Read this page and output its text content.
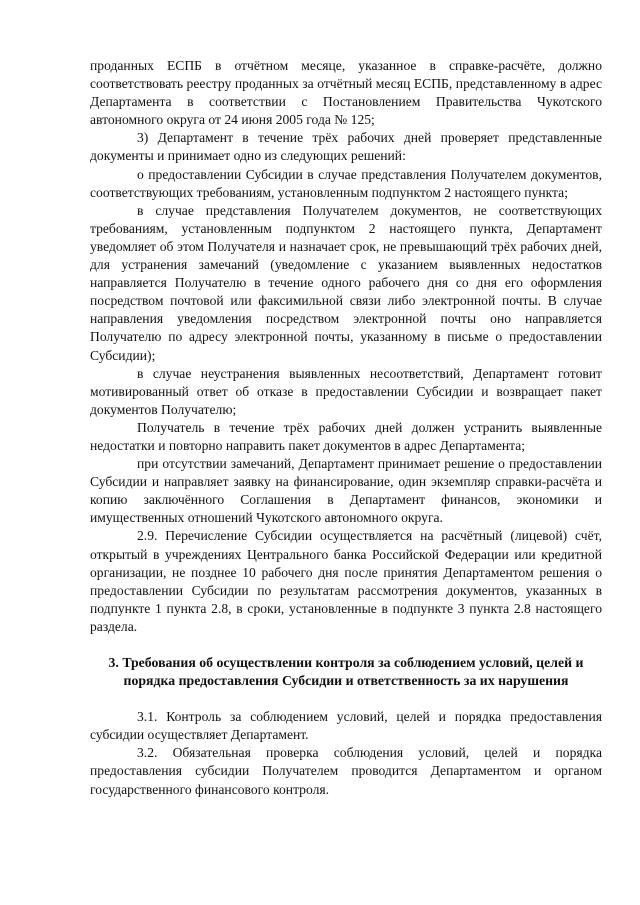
проданных ЕСПБ в отчётном месяце, указанное в справке-расчёте, должно соответствовать реестру проданных за отчётный месяц ЕСПБ, представленному в адрес Департамента в соответствии с Постановлением Правительства Чукотского автономного округа от 24 июня 2005 года № 125;

3) Департамент в течение трёх рабочих дней проверяет представленные документы и принимает одно из следующих решений:

о предоставлении Субсидии в случае представления Получателем документов, соответствующих требованиям, установленным подпунктом 2 настоящего пункта;

в случае представления Получателем документов, не соответствующих требованиям, установленным подпунктом 2 настоящего пункта, Департамент уведомляет об этом Получателя и назначает срок, не превышающий трёх рабочих дней, для устранения замечаний (уведомление с указанием выявленных недостатков направляется Получателю в течение одного рабочего дня со дня его оформления посредством почтовой или факсимильной связи либо электронной почты. В случае направления уведомления посредством электронной почты оно направляется Получателю по адресу электронной почты, указанному в письме о предоставлении Субсидии);

в случае неустранения выявленных несоответствий, Департамент готовит мотивированный ответ об отказе в предоставлении Субсидии и возвращает пакет документов Получателю;

Получатель в течение трёх рабочих дней должен устранить выявленные недостатки и повторно направить пакет документов в адрес Департамента;

при отсутствии замечаний, Департамент принимает решение о предоставлении Субсидии и направляет заявку на финансирование, один экземпляр справки-расчёта и копию заключённого Соглашения в Департамент финансов, экономики и имущественных отношений Чукотского автономного округа.

2.9. Перечисление Субсидии осуществляется на расчётный (лицевой) счёт, открытый в учреждениях Центрального банка Российской Федерации или кредитной организации, не позднее 10 рабочего дня после принятия Департаментом решения о предоставлении Субсидии по результатам рассмотрения документов, указанных в подпункте 1 пункта 2.8, в сроки, установленные в подпункте 3 пункта 2.8 настоящего раздела.

3. Требования об осуществлении контроля за соблюдением условий, целей и порядка предоставления Субсидии и ответственность за их нарушения

3.1. Контроль за соблюдением условий, целей и порядка предоставления субсидии осуществляет Департамент.

3.2. Обязательная проверка соблюдения условий, целей и порядка предоставления субсидии Получателем проводится Департаментом и органом государственного финансового контроля.
